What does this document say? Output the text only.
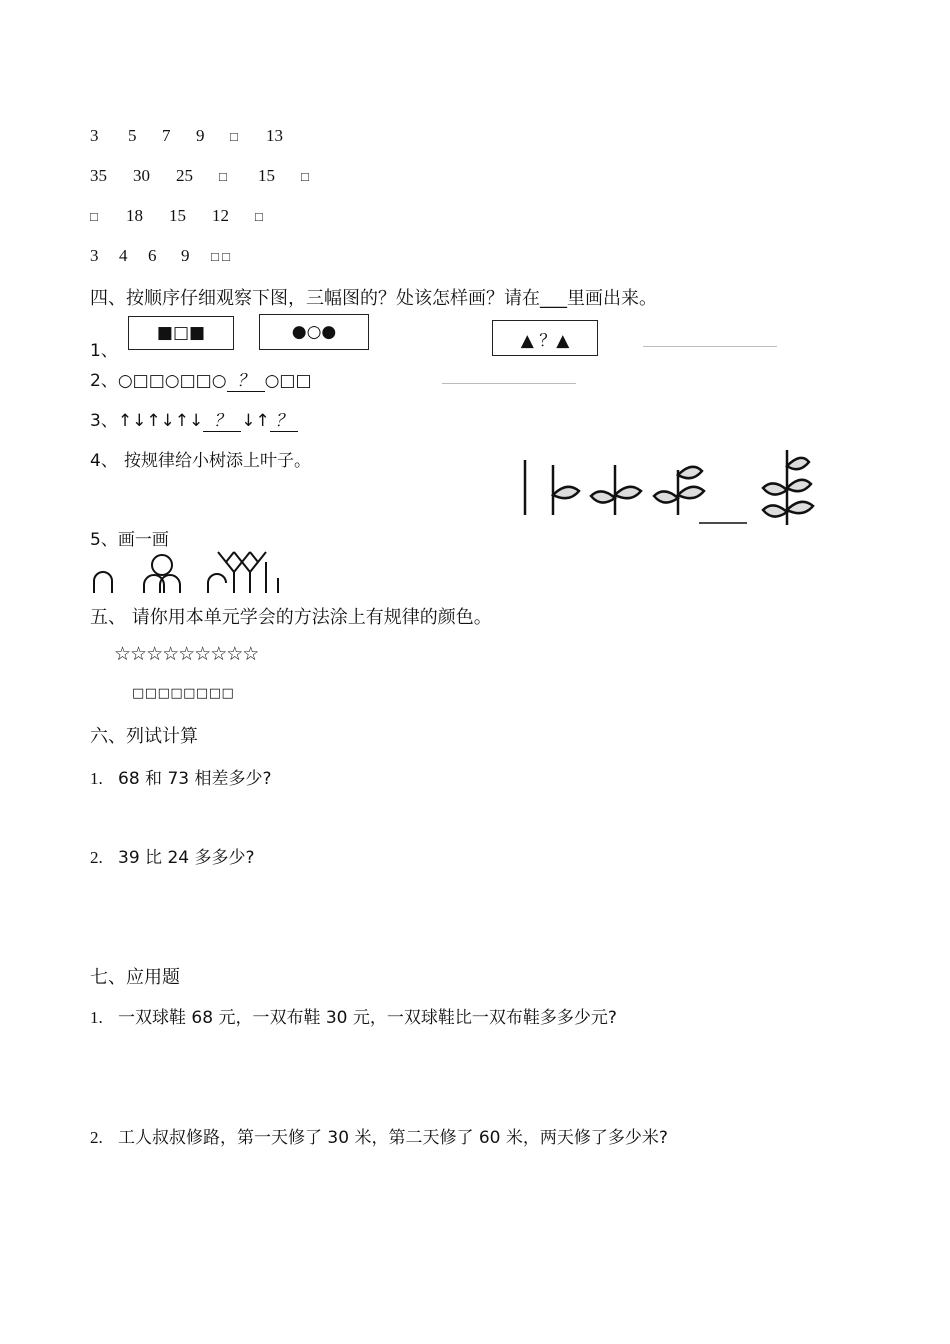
3 5 7 9 □ 13
35 30 25 □ 15 □
□ 18 15 12 □
3 4 6 9 □ □
四、按顺序仔细观察下图，三幅图的？处该怎样画？请在___里画出来。
1、
■□■	●○●	▲ ？▲
2、○□□○□□○ ？ ○□□
3、↑↓↑↓↑↓ ？ ↓↑ ？
4、 按规律给小树添上叶子。
5、画一画
五、 请你用本单元学会的方法涂上有规律的颜色。
☆☆☆☆☆☆☆☆☆
□□□□□□□□
六、列试计算
1. 68 和 73 相差多少?
2. 39 比 24 多多少?
七、应用题
1. 一双球鞋 68 元，一双布鞋 30 元，一双球鞋比一双布鞋多多少元?
2. 工人叔叔修路，第一天修了 30 米，第二天修了 60 米，两天修了多少米?
